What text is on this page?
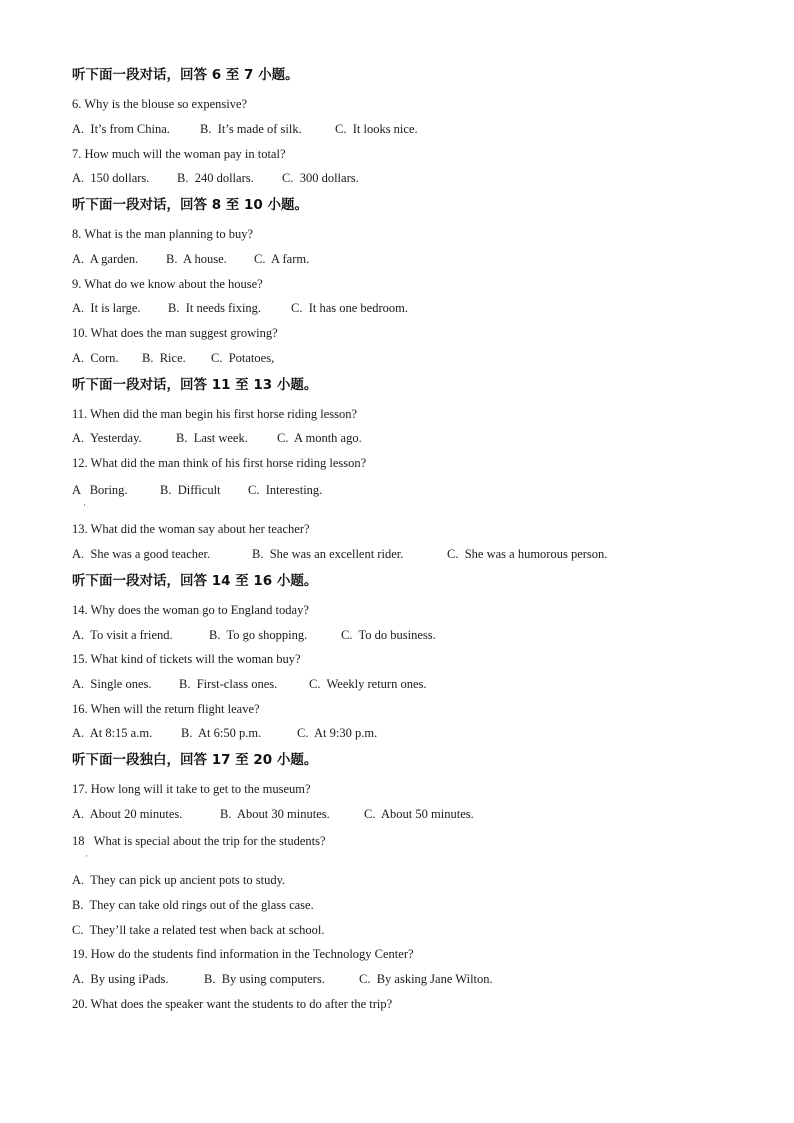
听下面一段对话，回答 6 至 7 小题。
6. Why is the blouse so expensive?
A.  It’s from China. B.  It’s made of silk.	C.  It looks nice.
7. How much will the woman pay in total?
A.  150 dollars. B.  240 dollars. C.  300 dollars.
听下面一段对话，回答 8 至 10 小题。
8. What is the man planning to buy?
A.  A garden. B.  A house. C.  A farm.
9. What do we know about the house?
A.  It is large. B.  It needs fixing. C.  It has one bedroom.
10. What does the man suggest growing?
A.  Corn. B.  Rice. C.  Potatoes,
听下面一段对话，回答 11 至 13 小题。
11. When did the man begin his first horse riding lesson?
A.  Yesterday.	B.  Last week. C.  A month ago.
12. What did the man think of his first horse riding lesson?
A   Boring.	B.  Difficult C.  Interesting.
·
13. What did the woman say about her teacher?
A.  She was a good teacher.	B.  She was an excellent rider.	C.  She was a humorous person.
听下面一段对话，回答 14 至 16 小题。
14. Why does the woman go to England today?
A.  To visit a friend.	B.  To go shopping.	C.  To do business.
15. What kind of tickets will the woman buy?
A.  Single ones. B.  First-class ones.	C.  Weekly return ones.
16. When will the return flight leave?
A.  At 8:15 a.m. B.  At 6:50 p.m.	C.  At 9:30 p.m.
听下面一段独白，回答 17 至 20 小题。
17. How long will it take to get to the museum?
A.  About 20 minutes.	B.  About 30 minutes.	C.  About 50 minutes.
18   What is special about the trip for the students?
·
A.  They can pick up ancient pots to study.
B.  They can take old rings out of the glass case.
C.  They’ll take a related test when back at school.
19. How do the students find information in the Technology Center?
A.  By using iPads.	B.  By using computers.	C.  By asking Jane Wilton.
20. What does the speaker want the students to do after the trip?
